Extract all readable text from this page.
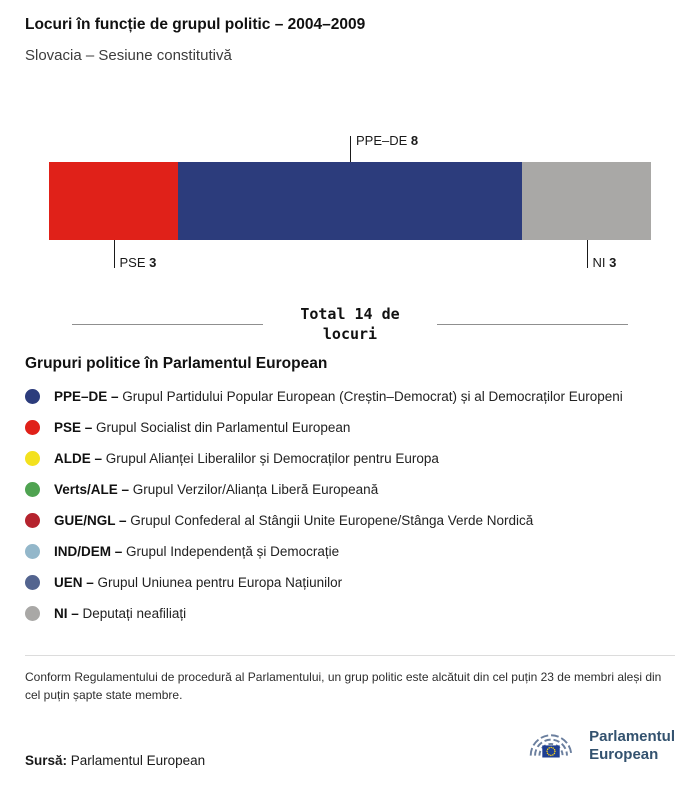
Locuri în funcție de grupul politic – 2004–2009
Slovacia – Sesiune constitutivă
PSE 3
PPE–DE 8
NI 3
Total 14 de locuri
Grupuri politice în Parlamentul European
PPE–DE – Grupul Partidului Popular European (Creștin–Democrat) și al Democraților Europeni
PSE – Grupul Socialist din Parlamentul European
ALDE – Grupul Alianței Liberalilor și Democraților pentru Europa
Verts/ALE – Grupul Verzilor/Alianța Liberă Europeană
GUE/NGL – Grupul Confederal al Stângii Unite Europene/Stânga Verde Nordică
IND/DEM – Grupul Independență și Democrație
UEN – Grupul Uniunea pentru Europa Națiunilor
NI – Deputați neafiliați
Conform Regulamentului de procedură al Parlamentului, un grup politic este alcătuit din cel puțin 23 de membri aleși din cel puțin șapte state membre.
Sursă: Parlamentul European
Parlamentul
European
